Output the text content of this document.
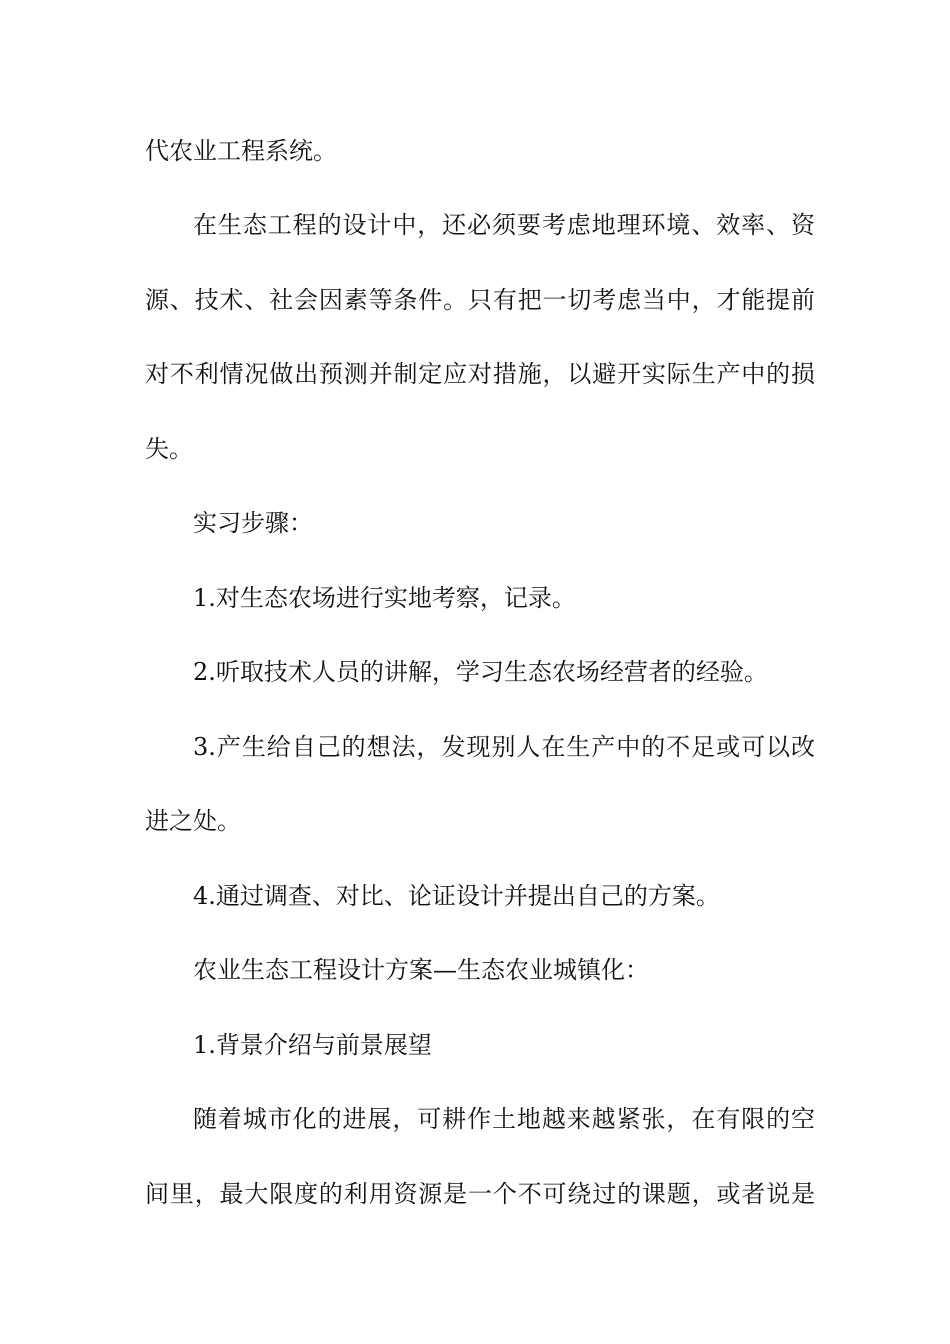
代农业工程系统。
在生态工程的设计中，还必须要考虑地理环境、效率、资
源、技术、社会因素等条件。只有把一切考虑当中，才能提前
对不利情况做出预测并制定应对措施，以避开实际生产中的损
失。
实习步骤：
1.对生态农场进行实地考察，记录。
2.听取技术人员的讲解，学习生态农场经营者的经验。
3.产生给自己的想法，发现别人在生产中的不足或可以改
进之处。
4.通过调查、对比、论证设计并提出自己的方案。
农业生态工程设计方案—生态农业城镇化：
1.背景介绍与前景展望
随着城市化的进展，可耕作土地越来越紧张，在有限的空
间里，最大限度的利用资源是一个不可绕过的课题，或者说是
